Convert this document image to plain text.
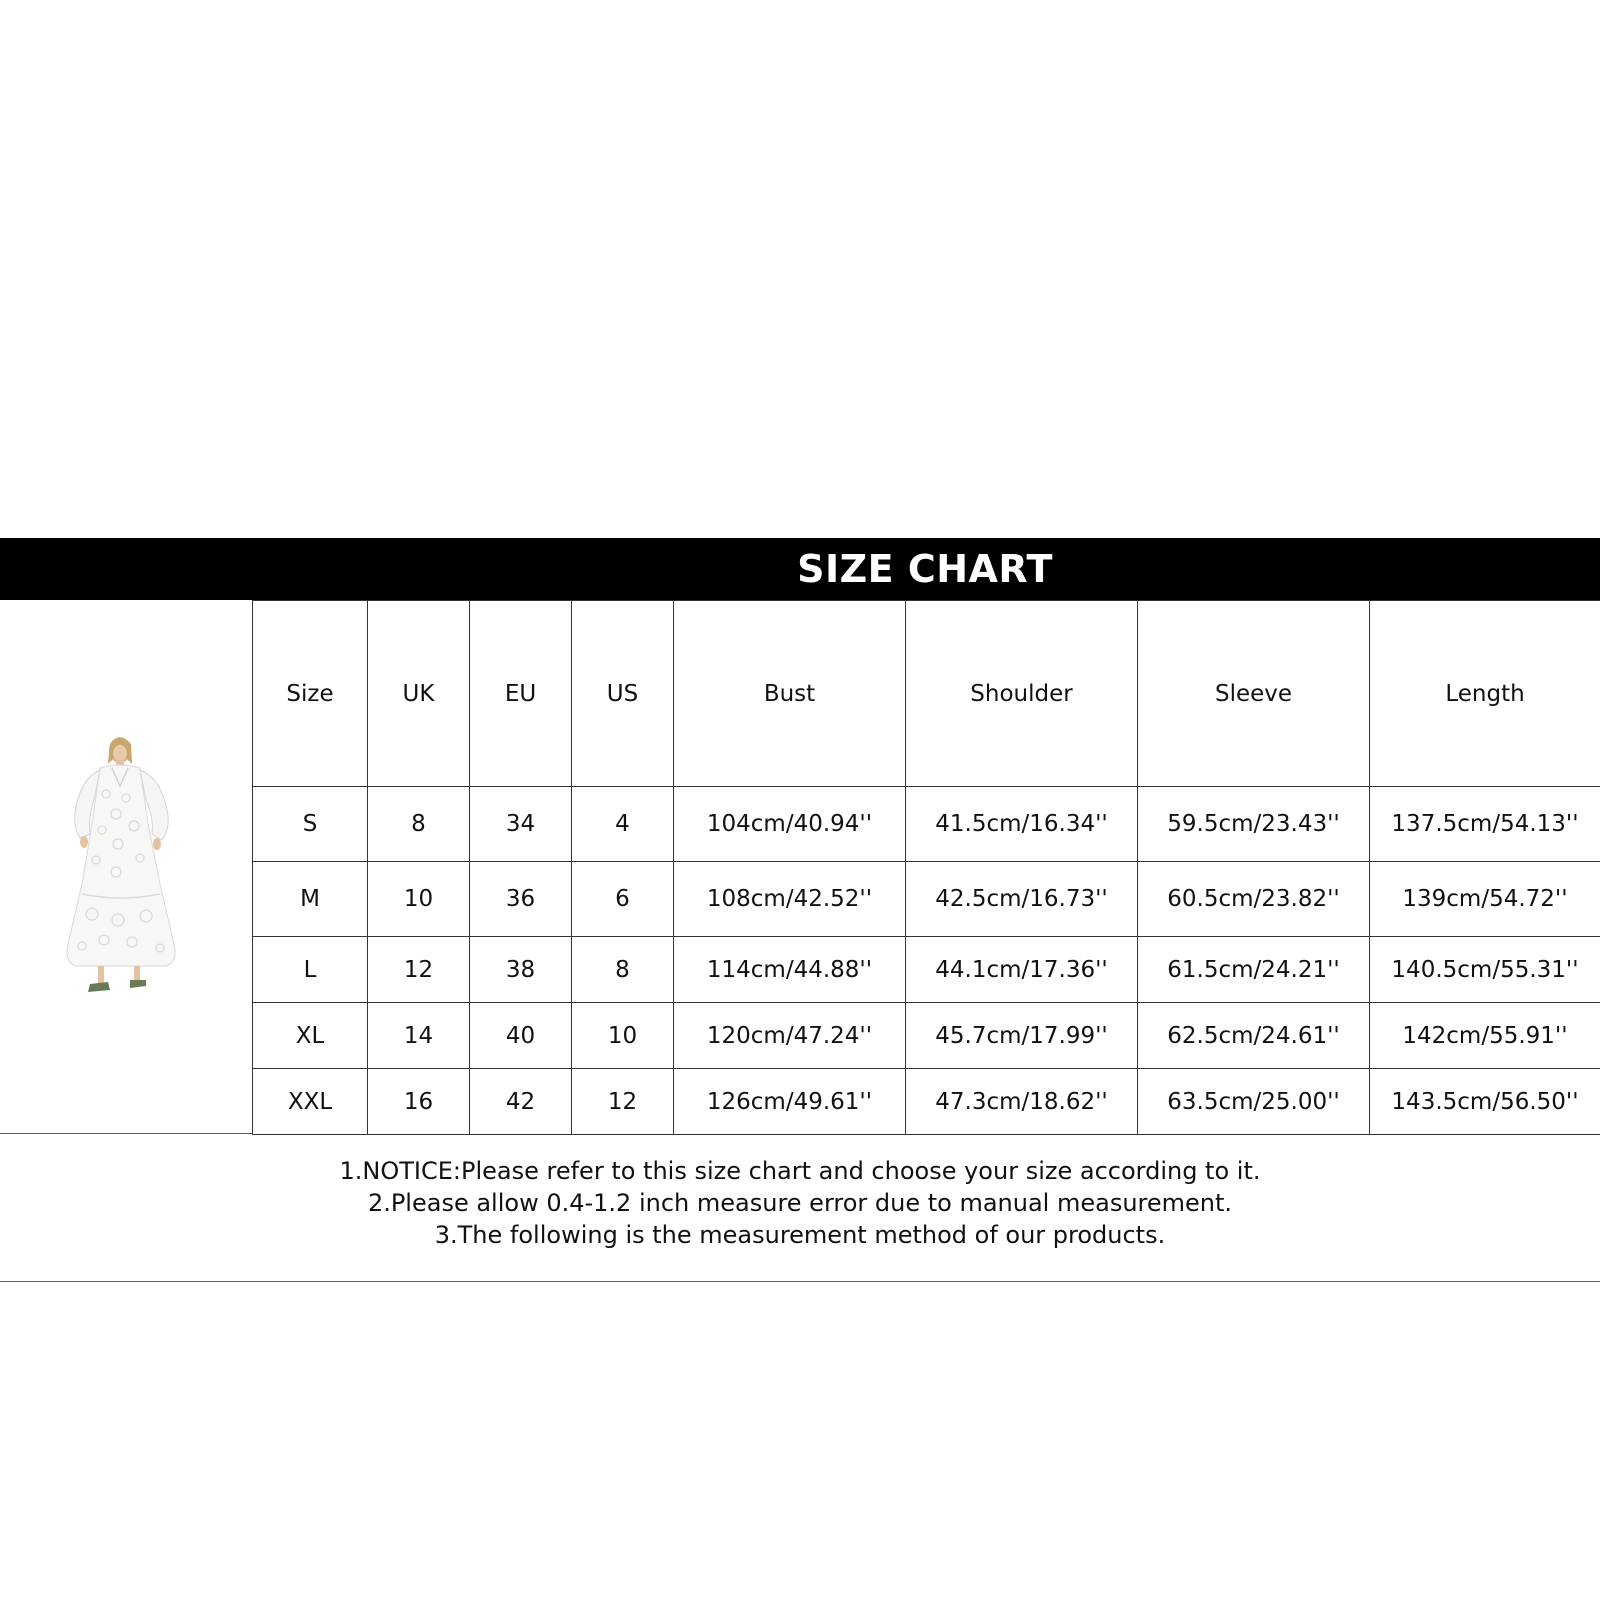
SIZE CHART
Size	UK	EU	US	Bust	Shoulder	Sleeve	Length
S	8	34	4	104cm/40.94''	41.5cm/16.34''	59.5cm/23.43''	137.5cm/54.13''
M	10	36	6	108cm/42.52''	42.5cm/16.73''	60.5cm/23.82''	139cm/54.72''
L	12	38	8	114cm/44.88''	44.1cm/17.36''	61.5cm/24.21''	140.5cm/55.31''
XL	14	40	10	120cm/47.24''	45.7cm/17.99''	62.5cm/24.61''	142cm/55.91''
XXL	16	42	12	126cm/49.61''	47.3cm/18.62''	63.5cm/25.00''	143.5cm/56.50''
1.NOTICE:Please refer to this size chart and choose your size according to it.
2.Please allow 0.4-1.2 inch measure error due to manual measurement.
3.The following is the measurement method of our products.
